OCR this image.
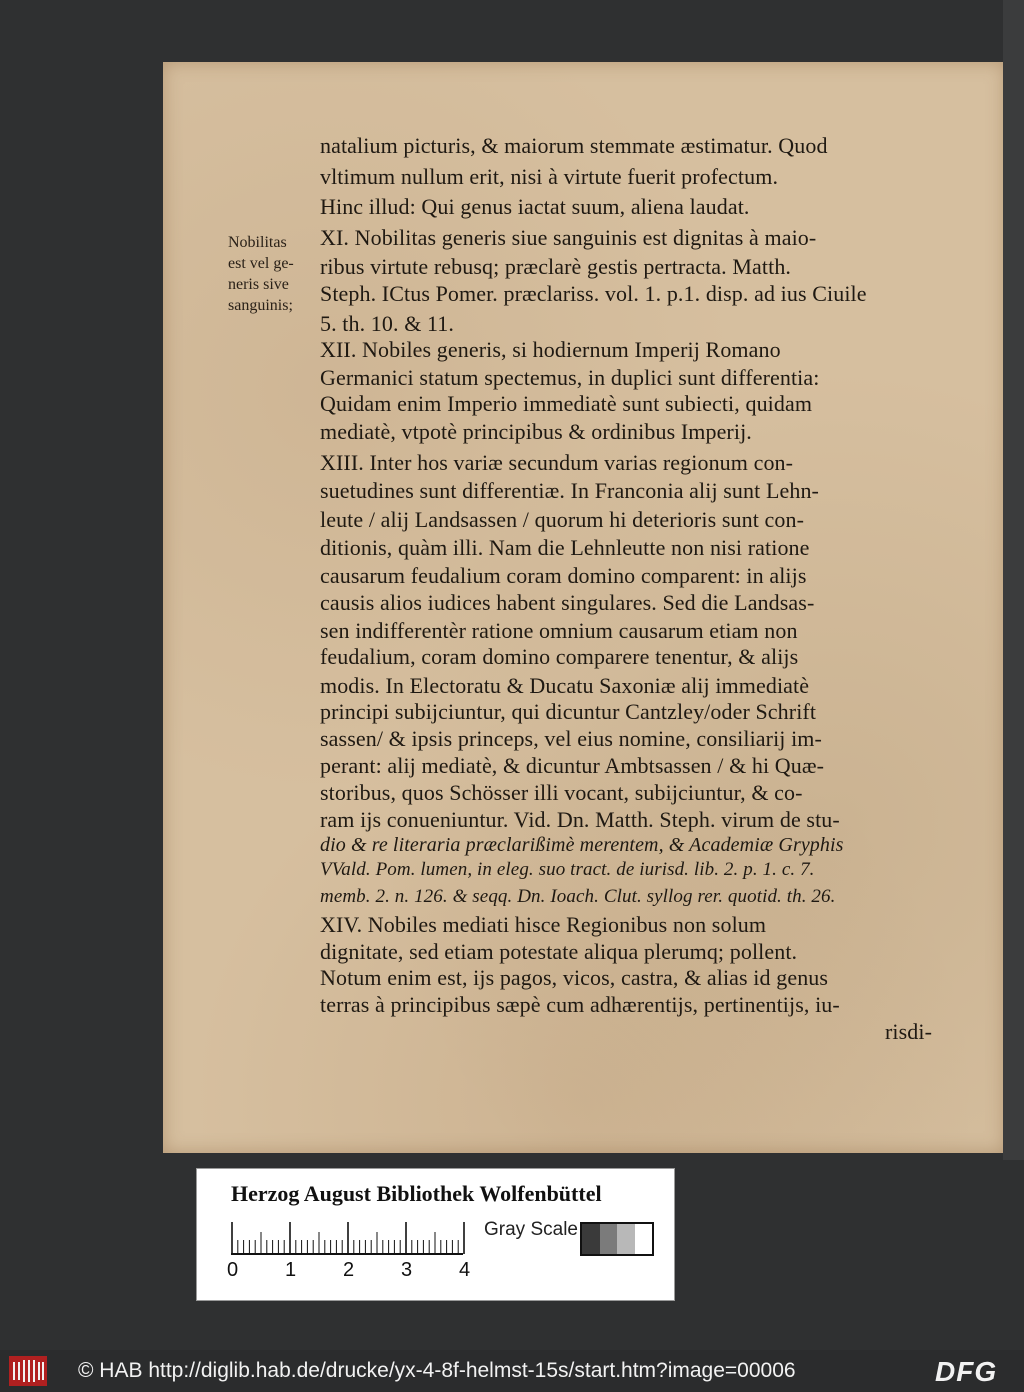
Nobilitas
est vel ge-
neris sive
sanguinis;
natalium picturis, & maiorum stemmate æstimatur. Quod
vltimum nullum erit, nisi à virtute fuerit profectum.
Hinc illud: Qui genus iactat suum, aliena laudat.
XI. Nobilitas generis siue sanguinis est dignitas à maio-
ribus virtute rebusq; præclarè gestis pertracta. Matth.
Steph. ICtus Pomer. præclariss. vol. 1. p.1. disp. ad ius Ciuile
5. th. 10. & 11.
XII. Nobiles generis, si hodiernum Imperij Romano
Germanici statum spectemus, in duplici sunt differentia:
Quidam enim Imperio immediatè sunt subiecti, quidam
mediatè, vtpotè principibus & ordinibus Imperij.
XIII. Inter hos variæ secundum varias regionum con-
suetudines sunt differentiæ. In Franconia alij sunt Lehn-
leute / alij Landsassen / quorum hi deterioris sunt con-
ditionis, quàm illi. Nam die Lehnleutte non nisi ratione
causarum feudalium coram domino comparent: in alijs
causis alios iudices habent singulares. Sed die Landsas-
sen indifferentèr ratione omnium causarum etiam non
feudalium, coram domino comparere tenentur, & alijs
modis. In Electoratu & Ducatu Saxoniæ alij immediatè
principi subijciuntur, qui dicuntur Cantzley/oder Schrift
sassen/ & ipsis princeps, vel eius nomine, consiliarij im-
perant: alij mediatè, & dicuntur Ambtsassen / & hi Quæ-
storibus, quos Schösser illi vocant, subijciuntur, & co-
ram ijs conueniuntur. Vid. Dn. Matth. Steph. virum de stu-
dio & re literaria præclarißimè merentem, & Academiæ Gryphis
VVald. Pom. lumen, in eleg. suo tract. de iurisd. lib. 2. p. 1. c. 7.
memb. 2. n. 126. & seqq. Dn. Ioach. Clut. syllog rer. quotid. th. 26.
XIV. Nobiles mediati hisce Regionibus non solum
dignitate, sed etiam potestate aliqua plerumq; pollent.
Notum enim est, ijs pagos, vicos, castra, & alias id genus
terras à principibus sæpè cum adhærentijs, pertinentijs, iu-
risdi-
Herzog August Bibliothek Wolfenbüttel
Gray Scale
0 1 2 3 4
© HAB http://diglib.hab.de/drucke/yx-4-8f-helmst-15s/start.htm?image=00006	DFG
